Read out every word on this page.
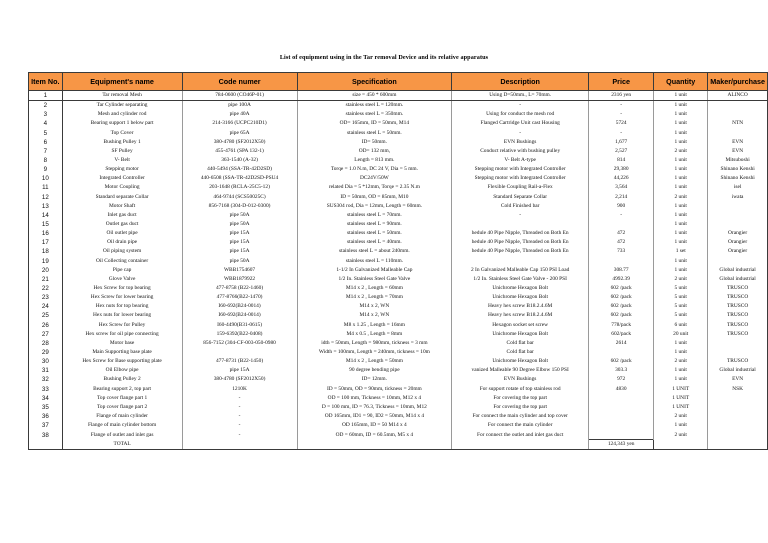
List of equipment using in the Tar removal Device and its relative apparatus
Item No.	Equipment's name	Code numer	Specification	Description	Price	Quantity	Maker/purchase
1	Tar removal Mesh	784-0600 (CO46P-01)	size = 450 * 600mm	Using D=50mm., L= 70mm.	2316 yen	1 unit	ALINCO
2	Tar Cylinder separating	pipe 100A	stainless steel L = 120mm.	-	-	1 unit	
3	Mesh and cylinder rod	pipe 40A	stainless steel L = 350mm.	Using for conduct the mesh rod	-	1 unit	
4	Bearing support 1 below part	214-3166 (UCPC210D1)	OD= 165mm, ID = 50mm, M14	Flanged Cartridge Unit cast Housing	5724	1 unit	NTN
5	Top Cover	pipe 65A	stainless steel L = 50mm.	-	-	1 unit	
6	Bushing Pulley 1	380-4780 (SF2012X50)	ID= 50mm.	EVN Bushings	1,677	1 unit	EVN
7	SF Pulley	455-4761 (SPA 132-1)	OD= 132 mm,	Conduct relative with bushing pulley	2,527	2 unit	EVN
8	V- Belt	363-1540 (A-32)	Length = 813 mm.	V- Belt A-type	814	1 unit	Mitsuboshi
9	Stepping motor	440-5494 (SSA-TR-42D2SD)	Torqe = 1.0 N.m, DC 24 V, Dia = 5 mm.	Stepping motor with Integrated Controller	29,380	1 unit	Shinano Kenshi
10	Integrated Controller	440-6508 (SSA-TR-42D2SD-PSU4	DC24V/50W	Stepping motor with Integrated Controller	44,226	1 unit	Shinano Kenshi
11	Motor Coupling	203-1648 (RCLA-25C5-12)	related Dia = 5 *12mm, Torqe = 2.35 N.m	Flexible Coupling Rail-a-Flex	3,564	1 unit	isel
12	Standard separate Collar	464-9744 (SCS50025C)	ID = 50mm, OD = 85mm, M10	Standard Separate Collar	2,214	2 unit	iwata
13	Motor Shaft	856-7168 (304-D-012-0300)	SUS304 rod, Dia = 12mm, Length = 60mm.	Cold Finished bar	900	1 unit	
14	Inlet gas duct	pipe 50A	stainless steel L = 70mm.	-	-	1 unit	
15	Outlet gas duct	pipe 50A	stainless steel L = 90mm.			1 unit	
16	Oil outlet pipe	pipe 15A	stainless steel L = 50mm.	hedule 40 Pipe Nipple, Threaded on Both En	472	1 unit	Orangier
17	Oil drain pipe	pipe 15A	stainless steel L = 40mm.	hedule 40 Pipe Nipple, Threaded on Both En	472	1 unit	Orangier
18	Oil piping system	pipe 15A	stainless steel L = about 240mm.	hedule 40 Pipe Nipple, Threaded on Both En	733	1 set	Orangier
19	Oil Collecting container	pipe 50A	stainless steel L = 110mm.			1 unit	
20	Pipe cap	WBB1754607	1-1/2 In Galvanized Malleable Cap	2 In Galvanized Malleable Cap 150 PSI Load	308.77	1 unit	Global industrial
21	Glove Valve	WBB1879922	1/2 In. Stainless Steel Gate Valve	1/2 In. Stainless Steel Gate Valve - 200 PSI	4992.39	2 unit	Global industrial
22	Hex Screw for top bearing	477-8758 (B22-1460)	M14 x 2 , Length = 60mm	Unichrome Hexagon Bolt	602 /pack	5 unit	TRUSCO
23	Hex Screw for lower bearing	477-8766(B22-1470)	M14 x 2 , Length = 70mm	Unichrome Hexagon Bolt	602 /pack	5 unit	TRUSCO
24	Hex nuts for top bearing	I60-692(B24-0014)	M14 x 2, WN	Heavy hex screw B18.2.4.6M	602 /pack	5 unit	TRUSCO
25	Hex nuts for lower bearing	I60-692(B24-0014)	M14 x 2, WN	Heavy hex screw B18.2.4.6M	602 /pack	5 unit	TRUSCO
26	Hex Screw for Pulley	I60-4490(B31-0615)	M8 x 1.25 , Length = 16mm	Hexagon socket set screw	778/pack	6 unit	TRUSCO
27	Hex screw for oil pipe connecting	159-6392(B22-0408)	M4 x 0.5 , Length = 8mm	Unichrome Hexagon Bolt	602/pack	20 unit	TRUSCO
28	Motor base	856-7152 (304-CF-003-050-0980	idth = 50mm, Length = 980mm, tickness = 3 mm	Cold flat bar	2614	1 unit	
29	Main Supporting base plate		Width = 100mm, Length = 240mm, tickness = 10m	Cold flat bar		1 unit	
30	Hex Screw for Base supporting plate	477-8731 (B22-1450)	M14 x 2 , Length = 50mm	Unichrome Hexagon Bolt	602 /pack	2 unit	TRUSCO
31	Oil Elbow pipe	pipe 15A	90 degree bending pipe	vanized Malleable 90 Degree Elbow 150 PSI	303.3	1 unit	Global industrial
32	Bushing Pulley 2	380-4780 (SF2012X50)	ID= 12mm.	EVN Bushings	972	1 unit	EVN
33	Bearing support 2, top part	1210K	ID = 50mm, OD = 90mm, tickness = 20mm	For support rotate of top stainless rod	4830	1 UNIT	NSK
34	Top cover flange part 1	-	OD = 100 mm, Tickness = 10mm, M12 x 4	For covering the top part		1 UNIT	
35	Top cover flange part 2	-	D = 100 mm, ID = 76.3, Tickness = 10mm, M12	For covering the top part		1 UNIT	
36	Flange of main cylinder	-	OD 165mm, ID1 = 90, ID2 = 50mm, M14 x 4	For connect the main cylinder and top cover		2 unit	
37	Flange of main cylinder bottom	-	OD 165mm, ID = 50 M14 x 4	For connect the main cylinder		1 unit	
38	Flange of outlet and inlet gas	-	OD = 60mm, ID = 60.5mm, M5 x 4	For connect the outlet and inlet gas duct		2 unit	
	TOTAL				124,343 yen		
